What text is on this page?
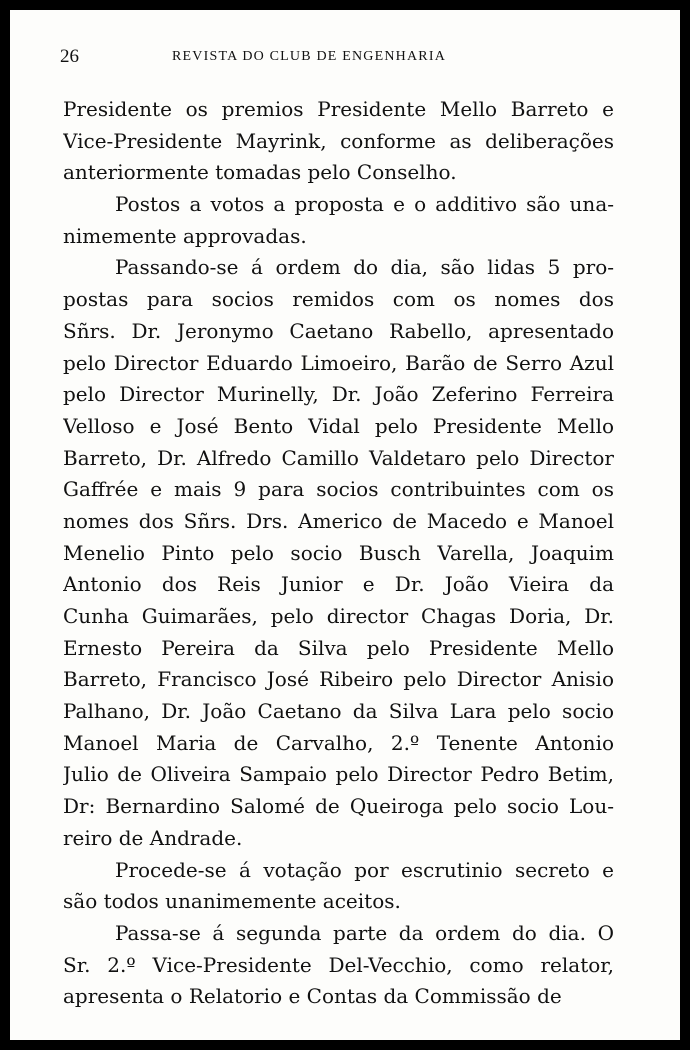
26	REVISTA DO CLUB DE ENGENHARIA
Presidente os premios Presidente Mello Barreto e
Vice-Presidente Mayrink, conforme as deliberações
anteriormente tomadas pelo Conselho.
Postos a votos a proposta e o additivo são una-
nimemente approvadas.
Passando-se á ordem do dia, são lidas 5 pro-
postas para socios remidos com os nomes dos
Sñrs. Dr. Jeronymo Caetano Rabello, apresentado
pelo Director Eduardo Limoeiro, Barão de Serro Azul
pelo Director Murinelly, Dr. João Zeferino Ferreira
Velloso e José Bento Vidal pelo Presidente Mello
Barreto, Dr. Alfredo Camillo Valdetaro pelo Director
Gaffrée e mais 9 para socios contribuintes com os
nomes dos Sñrs. Drs. Americo de Macedo e Manoel
Menelio Pinto pelo socio Busch Varella, Joaquim
Antonio dos Reis Junior e Dr. João Vieira da
Cunha Guimarães, pelo director Chagas Doria, Dr.
Ernesto Pereira da Silva pelo Presidente Mello
Barreto, Francisco José Ribeiro pelo Director Anisio
Palhano, Dr. João Caetano da Silva Lara pelo socio
Manoel Maria de Carvalho, 2.º Tenente Antonio
Julio de Oliveira Sampaio pelo Director Pedro Betim,
Dr: Bernardino Salomé de Queiroga pelo socio Lou-
reiro de Andrade.
Procede-se á votação por escrutinio secreto e
são todos unanimemente aceitos.
Passa-se á segunda parte da ordem do dia. O
Sr. 2.º Vice-Presidente Del-Vecchio, como relator,
apresenta o Relatorio e Contas da Commissão de
